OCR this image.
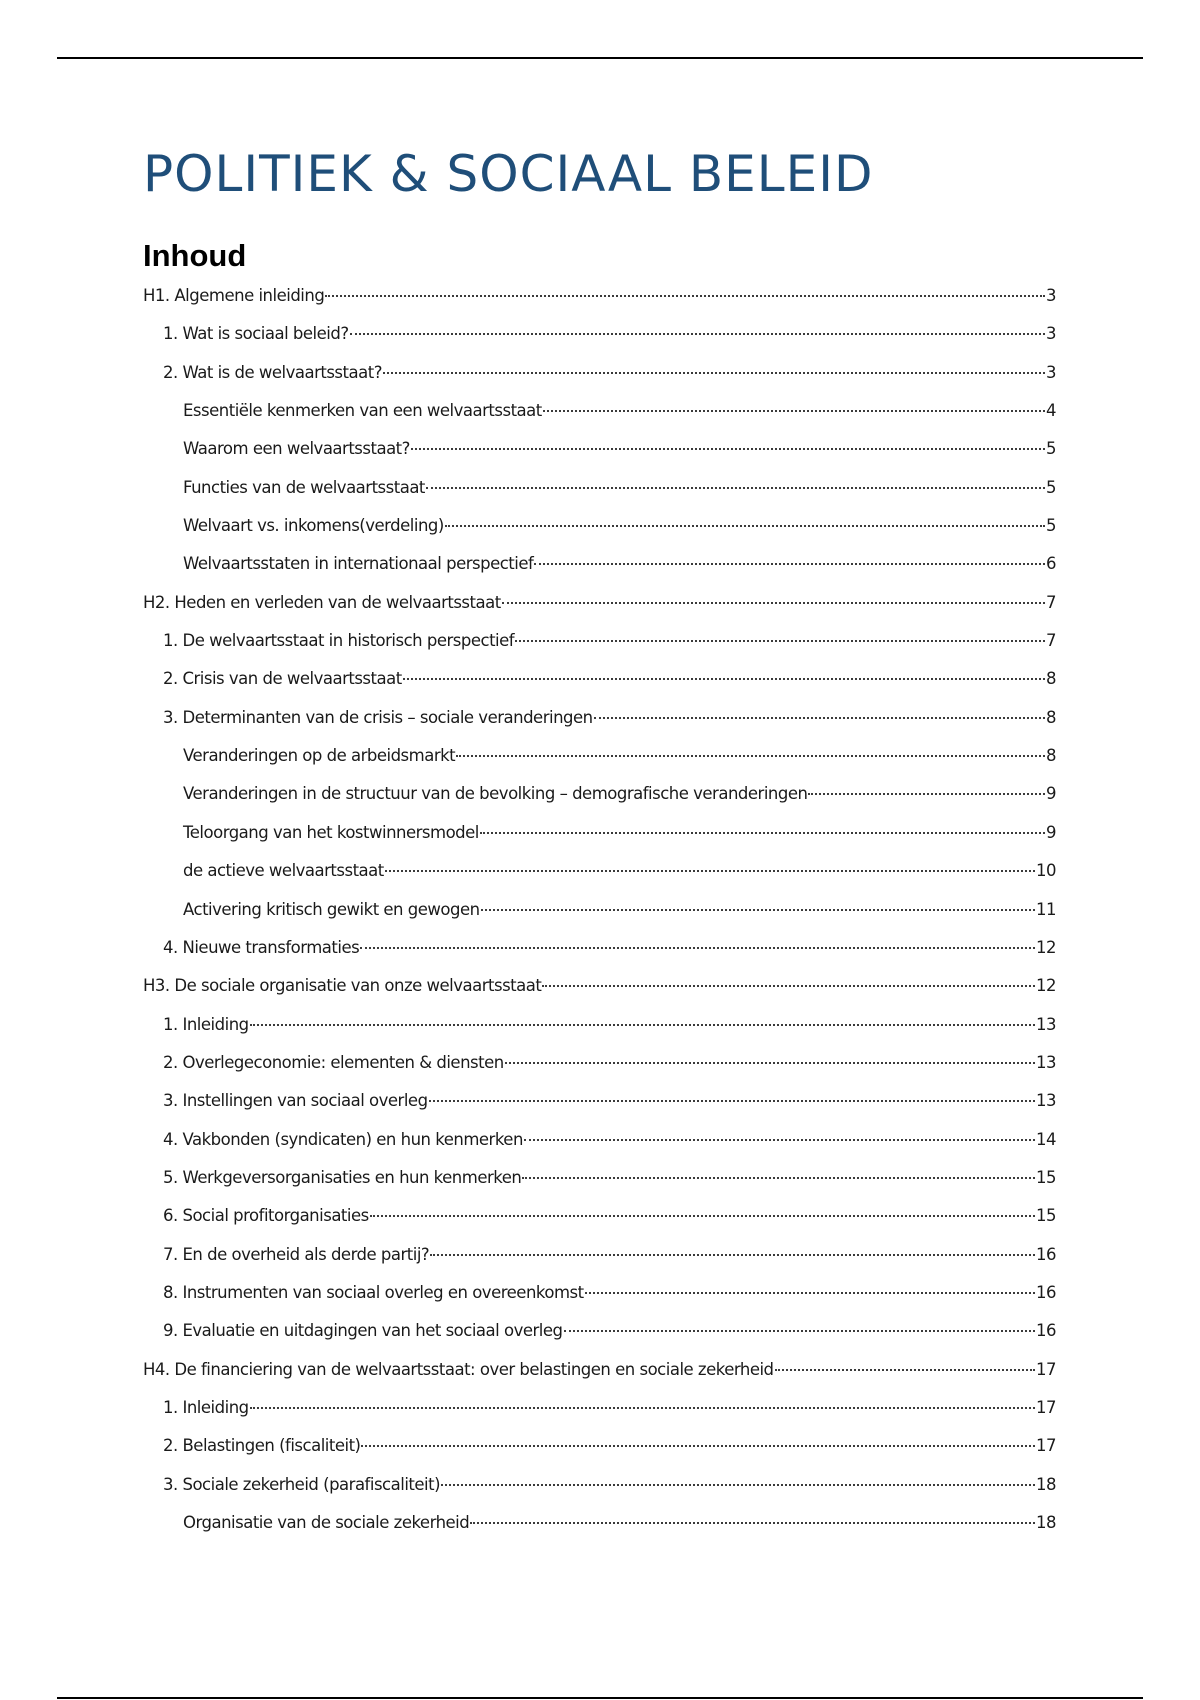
POLITIEK & SOCIAAL BELEID
Inhoud
H1. Algemene inleiding	3
1. Wat is sociaal beleid?	3
2. Wat is de welvaartsstaat?	3
Essentiële kenmerken van een welvaartsstaat	4
Waarom een welvaartsstaat?	5
Functies van de welvaartsstaat	5
Welvaart vs. inkomens(verdeling)	5
Welvaartsstaten in internationaal perspectief	6
H2. Heden en verleden van de welvaartsstaat	7
1. De welvaartsstaat in historisch perspectief	7
2. Crisis van de welvaartsstaat	8
3. Determinanten van de crisis – sociale veranderingen	8
Veranderingen op de arbeidsmarkt	8
Veranderingen in de structuur van de bevolking – demografische veranderingen	9
Teloorgang van het kostwinnersmodel	9
de actieve welvaartsstaat	10
Activering kritisch gewikt en gewogen	11
4. Nieuwe transformaties	12
H3. De sociale organisatie van onze welvaartsstaat	12
1. Inleiding	13
2. Overlegeconomie: elementen & diensten	13
3. Instellingen van sociaal overleg	13
4. Vakbonden (syndicaten) en hun kenmerken	14
5. Werkgeversorganisaties en hun kenmerken	15
6. Social profitorganisaties	15
7. En de overheid als derde partij?	16
8. Instrumenten van sociaal overleg en overeenkomst	16
9. Evaluatie en uitdagingen van het sociaal overleg	16
H4. De financiering van de welvaartsstaat: over belastingen en sociale zekerheid	17
1. Inleiding	17
2. Belastingen (fiscaliteit)	17
3. Sociale zekerheid (parafiscaliteit)	18
Organisatie van de sociale zekerheid	18
